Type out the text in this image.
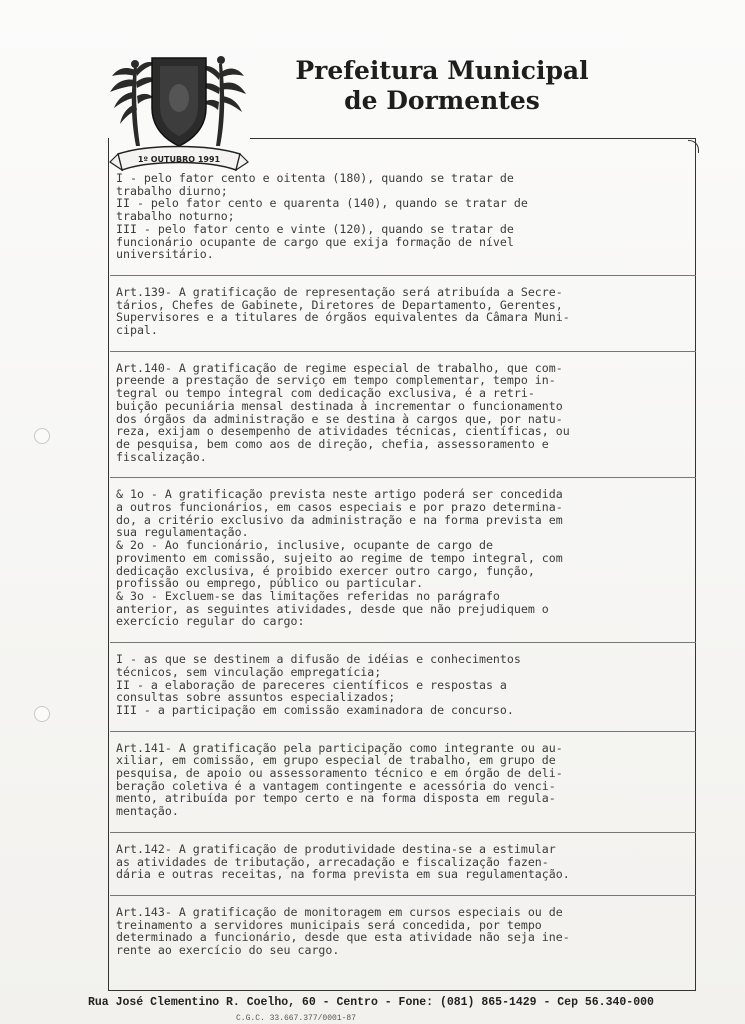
1º OUTUBRO 1991
Prefeitura Municipal
de Dormentes

I - pelo fator cento e oitenta (180), quando se tratar de
trabalho diurno;
II - pelo fator cento e quarenta (140), quando se tratar de
trabalho noturno;
III - pelo fator cento e vinte (120), quando se tratar de
funcionário ocupante de cargo que exija formação de nível
universitário.

Art.139- A gratificação de representação será atribuída a Secre-
tários, Chefes de Gabinete, Diretores de Departamento, Gerentes,
Supervisores e a titulares de órgãos equivalentes da Câmara Muni-
cipal.

Art.140- A gratificação de regime especial de trabalho, que com-
preende a prestação de serviço em tempo complementar, tempo in-
tegral ou tempo integral com dedicação exclusiva, é a retri-
buição pecuniária mensal destinada à incrementar o funcionamento
dos órgãos da administração e se destina à cargos que, por natu-
reza, exijam o desempenho de atividades técnicas, científicas, ou
de pesquisa, bem como aos de direção, chefia, assessoramento e
fiscalização.

& 1o - A gratificação prevista neste artigo poderá ser concedida
a outros funcionários, em casos especiais e por prazo determina-
do, a critério exclusivo da administração e na forma prevista em
sua regulamentação.
& 2o - Ao funcionário, inclusive, ocupante de cargo de
provimento em comissão, sujeito ao regime de tempo integral, com
dedicação exclusiva, é proibido exercer outro cargo, função,
profissão ou emprego, público ou particular.
& 3o - Excluem-se das limitações referidas no parágrafo
anterior, as seguintes atividades, desde que não prejudiquem o
exercício regular do cargo:

I - as que se destinem a difusão de idéias e conhecimentos
técnicos, sem vinculação empregatícia;
II - a elaboração de pareceres científicos e respostas a
consultas sobre assuntos especializados;
III - a participação em comissão examinadora de concurso.

Art.141- A gratificação pela participação como integrante ou au-
xiliar, em comissão, em grupo especial de trabalho, em grupo de
pesquisa, de apoio ou assessoramento técnico e em órgão de deli-
beração coletiva é a vantagem contingente e acessória do venci-
mento, atribuída por tempo certo e na forma disposta em regula-
mentação.

Art.142- A gratificação de produtividade destina-se a estimular
as atividades de tributação, arrecadação e fiscalização fazen-
dária e outras receitas, na forma prevista em sua regulamentação.

Art.143- A gratificação de monitoragem em cursos especiais ou de
treinamento a servidores municipais será concedida, por tempo
determinado a funcionário, desde que esta atividade não seja ine-
rente ao exercício do seu cargo.

Rua José Clementino R. Coelho, 60 - Centro - Fone: (081) 865-1429 - Cep 56.340-000
C.G.C. 33.667.377/0001-87
